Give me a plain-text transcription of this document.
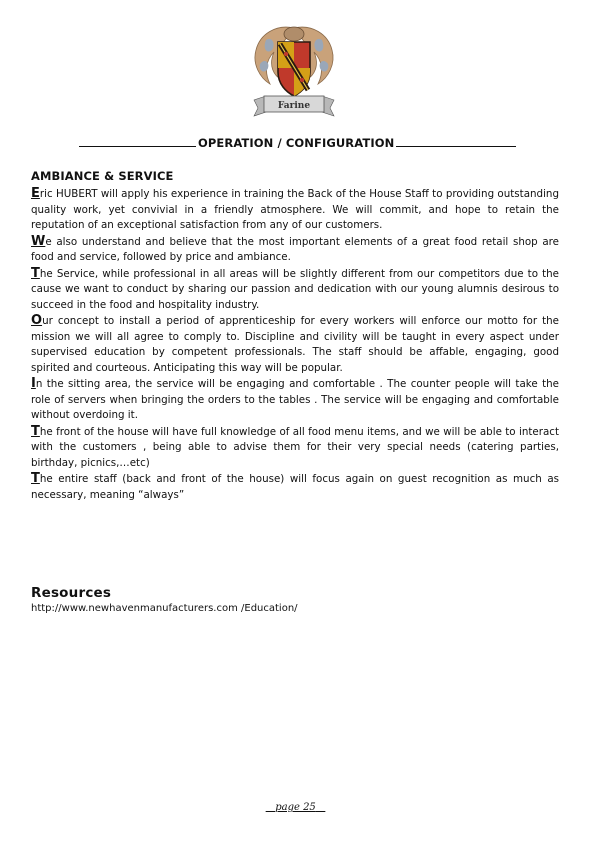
Farine
OPERATION / CONFIGURATION
AMBIANCE & SERVICE

Eric HUBERT will apply his experience in training the Back of the House Staff to providing outstanding quality work, yet convivial in a friendly atmosphere. We will commit, and hope to retain the reputation of an exceptional satisfaction from any of our customers.

We also understand and believe that the most important elements of a great food retail shop are food and service, followed by price and ambiance.

The Service, while professional in all areas will be slightly different from our competitors due to the cause we want to conduct by sharing our passion and dedication with our young alumnis desirous to succeed in the food and hospitality industry.

Our concept to install a period of apprenticeship for every workers will enforce our motto for the mission we will all agree to comply to. Discipline and civility will be taught in every aspect under supervised education by competent professionals. The staff should be affable, engaging, good spirited and courteous. Anticipating this way will be popular.

In the sitting area, the service will be engaging and comfortable . The counter people will take the role of servers when bringing the orders to the tables . The service will be engaging and comfortable without overdoing it.

The front of the house will have full knowledge of all food menu items, and we will be able to interact with the customers , being able to advise them for their very special needs (catering parties, birthday, picnics,…etc)

The entire staff (back and front of the house) will focus again on guest recognition as much as necessary, meaning “always”

Resources
http://www.newhavenmanufacturers.com /Education/
page 25
